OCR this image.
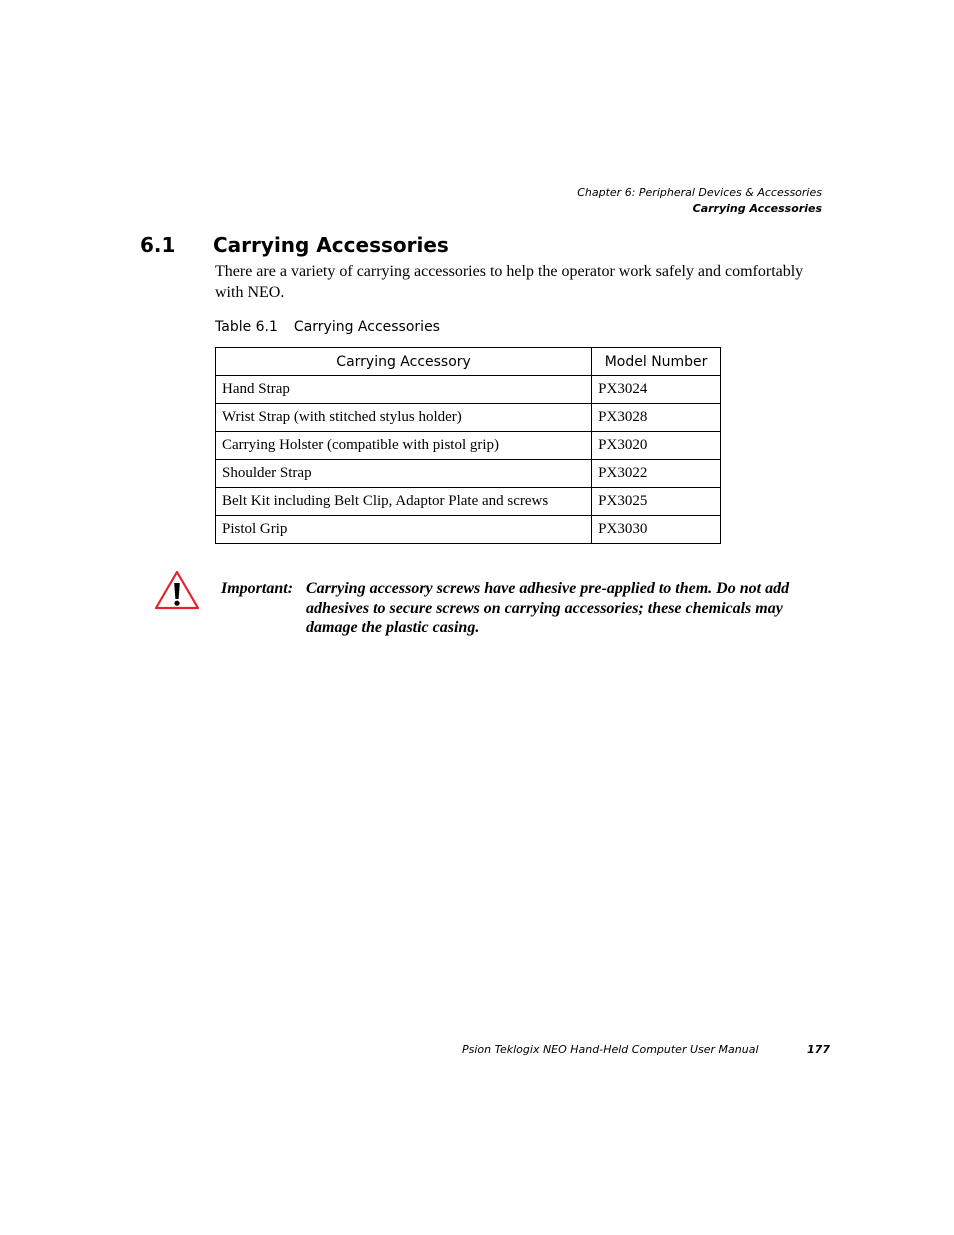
Chapter 6: Peripheral Devices & Accessories
Carrying Accessories
6.1 Carrying Accessories
There are a variety of carrying accessories to help the operator work safely and comfortably with NEO.
Table 6.1 Carrying Accessories
Carrying Accessory	Model Number
Hand Strap	PX3024
Wrist Strap (with stitched stylus holder)	PX3028
Carrying Holster (compatible with pistol grip)	PX3020
Shoulder Strap	PX3022
Belt Kit including Belt Clip, Adaptor Plate and screws	PX3025
Pistol Grip	PX3030
Important: Carrying accessory screws have adhesive pre-applied to them. Do not add adhesives to secure screws on carrying accessories; these chemicals may damage the plastic casing.
Psion Teklogix NEO Hand-Held Computer User Manual	177
